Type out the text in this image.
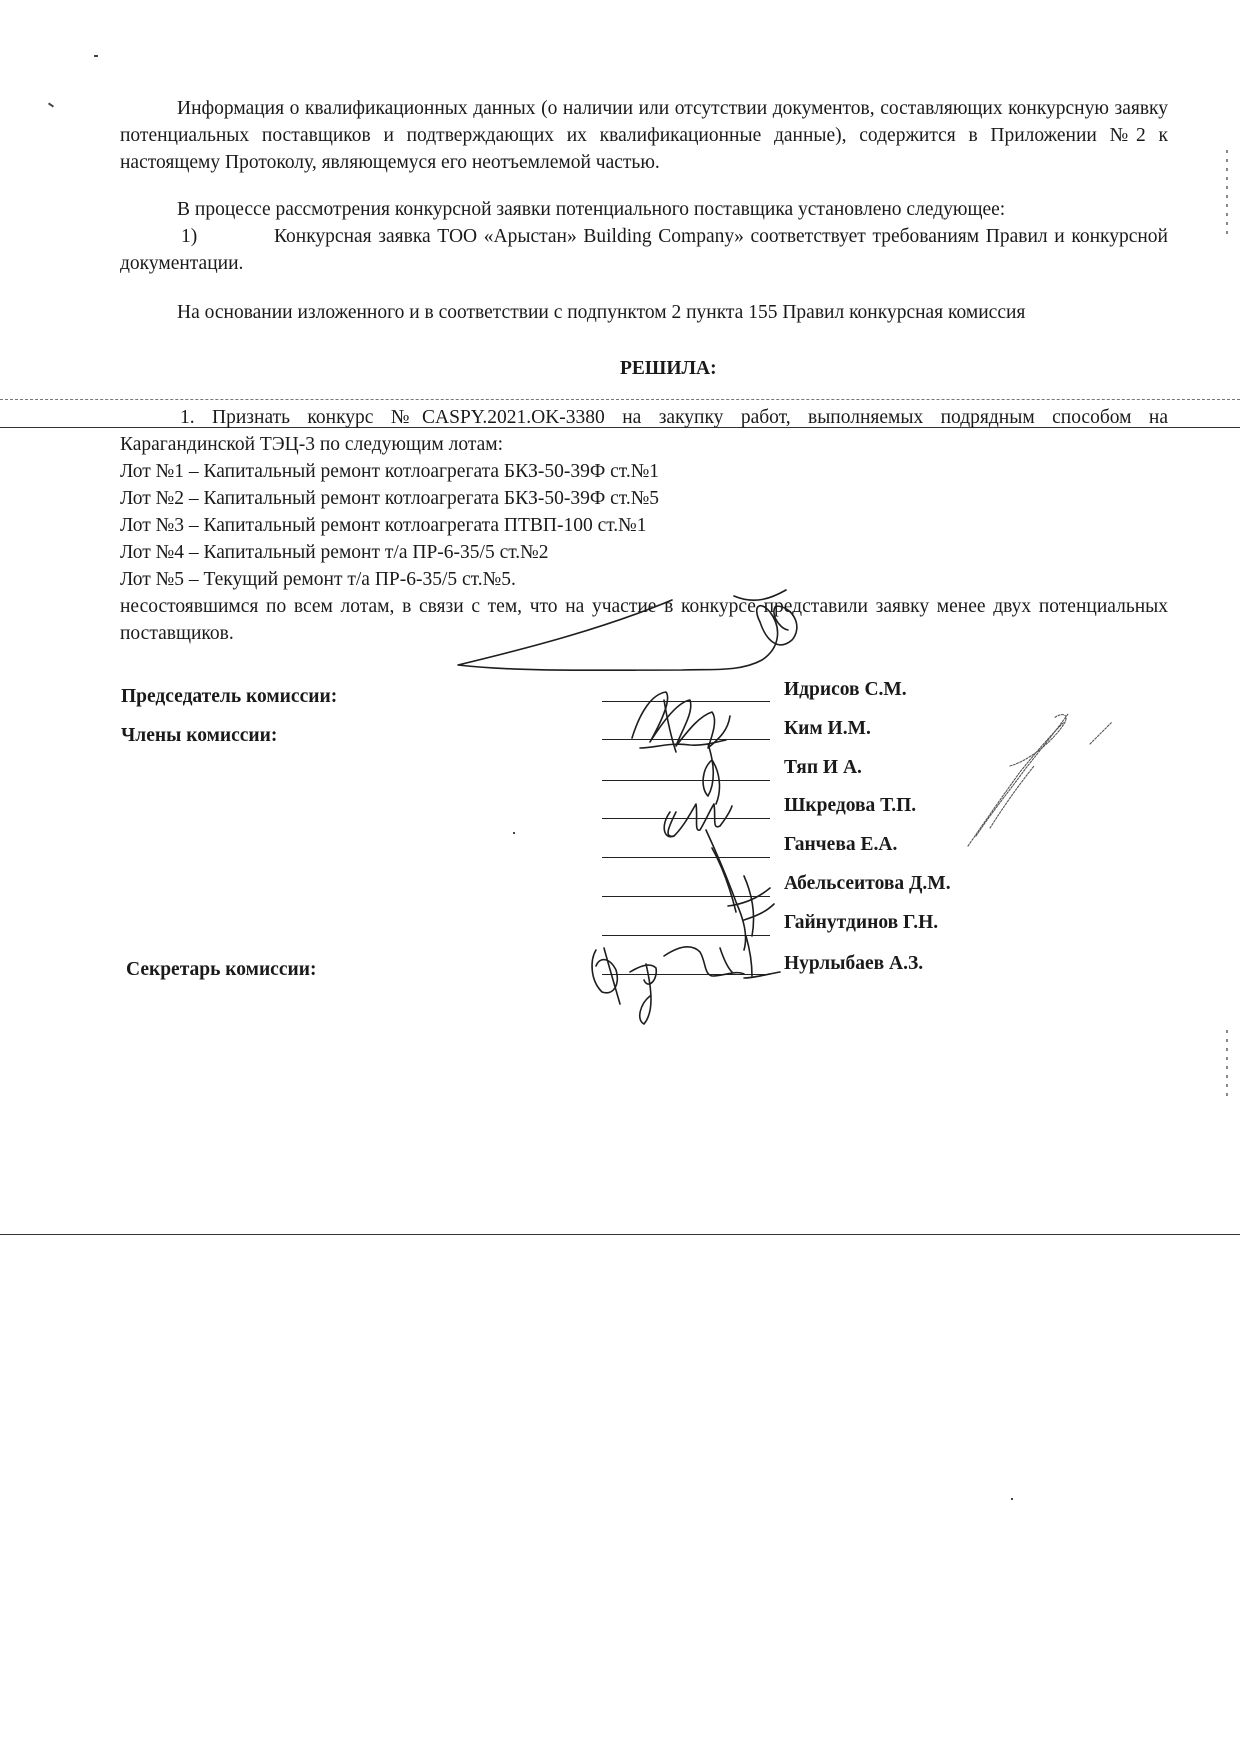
Информация о квалификационных данных (о наличии или отсутствии документов, составляющих конкурсную заявку потенциальных поставщиков и подтверждающих их квалификационные данные), содержится в Приложении №2 к настоящему Протоколу, являющемуся его неотъемлемой частью.

В процессе рассмотрения конкурсной заявки потенциального поставщика установлено следующее:

1)	Конкурсная заявка ТОО «Арыстан» Building Company» соответствует требованиям Правил и конкурсной документации.

На основании изложенного и в соответствии с подпунктом 2 пункта 155 Правил конкурсная комиссия

РЕШИЛА:

1. Признать конкурс №CASPY.2021.OK-3380 на закупку работ, выполняемых подрядным способом на Карагандинской ТЭЦ-3 по следующим лотам:

Лот №1 – Капитальный ремонт котлоагрегата БКЗ-50-39Ф ст.№1
Лот №2 – Капитальный ремонт котлоагрегата БКЗ-50-39Ф ст.№5
Лот №3 – Капитальный ремонт котлоагрегата ПТВП-100 ст.№1
Лот №4 – Капитальный ремонт т/а ПР-6-35/5 ст.№2
Лот №5 – Текущий ремонт т/а ПР-6-35/5 ст.№5.

несостоявшимся по всем лотам, в связи с тем, что на участие в конкурсе представили заявку менее двух потенциальных поставщиков.

Председатель комиссии:
Члены комиссии:
Секретарь комиссии:
Идрисов С.М.
Ким И.М.
Тяп И А.
Шкредова Т.П.
Ганчева Е.А.
Абельсеитова Д.М.
Гайнутдинов Г.Н.
Нурлыбаев А.З.
